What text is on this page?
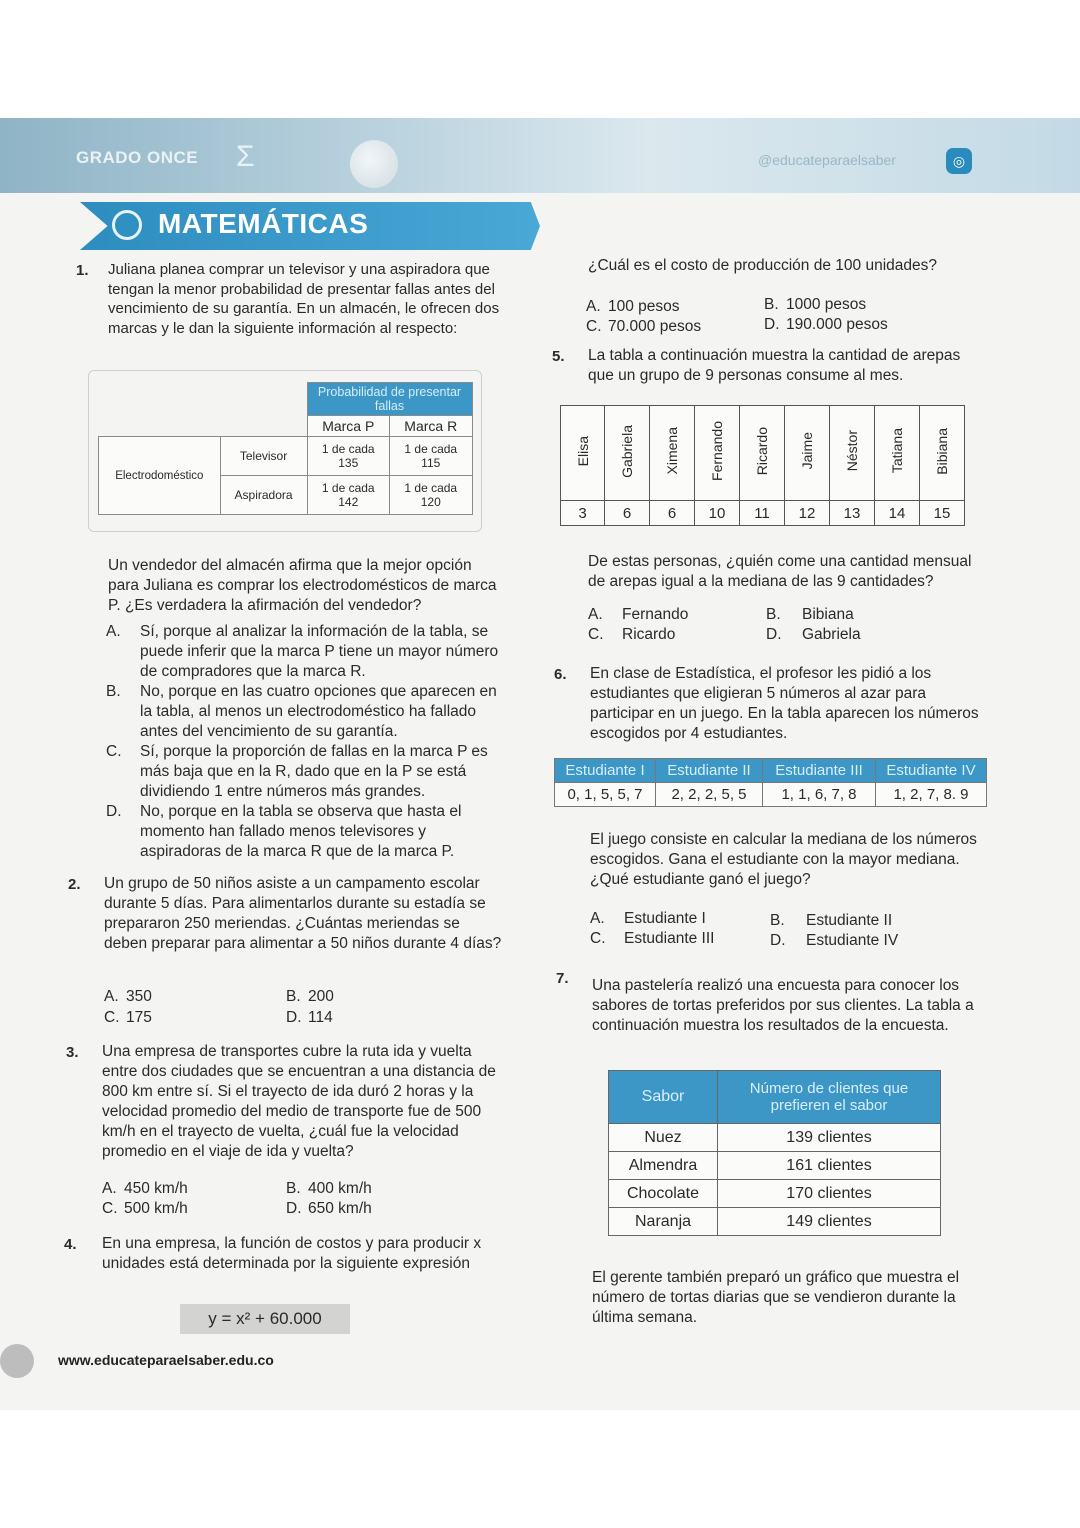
GRADO ONCE Σ	@educateparaelsaber	◎
MATEMÁTICAS
1. Juliana planea comprar un televisor y una aspiradora que tengan la menor probabilidad de presentar fallas antes del vencimiento de su garantía. En un almacén, le ofrecen dos marcas y le dan la siguiente información al respecto:
		Probabilidad de presentar fallas	
		Marca P	Marca R
Electrodoméstico	Televisor	1 de cada 135	1 de cada 115
	Aspiradora	1 de cada 142	1 de cada 120
Un vendedor del almacén afirma que la mejor opción para Juliana es comprar los electrodomésticos de marca P. ¿Es verdadera la afirmación del vendedor?
A.	Sí, porque al analizar la información de la tabla, se puede inferir que la marca P tiene un mayor número de compradores que la marca R.
B.	No, porque en las cuatro opciones que aparecen en la tabla, al menos un electrodoméstico ha fallado antes del vencimiento de su garantía.
C.	Sí, porque la proporción de fallas en la marca P es más baja que en la R, dado que en la P se está dividiendo 1 entre números más grandes.
D.	No, porque en la tabla se observa que hasta el momento han fallado menos televisores y aspiradoras de la marca R que de la marca P.
2. Un grupo de 50 niños asiste a un campamento escolar durante 5 días. Para alimentarlos durante su estadía se prepararon 250 meriendas. ¿Cuántas meriendas se deben preparar para alimentar a 50 niños durante 4 días?
A. 350	B. 200
C. 175	D. 114
3. Una empresa de transportes cubre la ruta ida y vuelta entre dos ciudades que se encuentran a una distancia de 800 km entre sí. Si el trayecto de ida duró 2 horas y la velocidad promedio del medio de transporte fue de 500 km/h en el trayecto de vuelta, ¿cuál fue la velocidad promedio en el viaje de ida y vuelta?
A. 450 km/h	B. 400 km/h
C. 500 km/h	D. 650 km/h
4. En una empresa, la función de costos y para producir x unidades está determinada por la siguiente expresión
y = x² + 60.000
www.educateparaelsaber.edu.co
¿Cuál es el costo de producción de 100 unidades?
A. 100 pesos	B. 1000 pesos
C. 70.000 pesos	D. 190.000 pesos
5. La tabla a continuación muestra la cantidad de arepas que un grupo de 9 personas consume al mes.
Elisa	Gabriela	Ximena	Fernando	Ricardo	Jaime	Néstor	Tatiana	Bibiana
3	6	6	10	11	12	13	14	15
De estas personas, ¿quién come una cantidad mensual de arepas igual a la mediana de las 9 cantidades?
A. Fernando	B. Bibiana
C. Ricardo	D. Gabriela
6. En clase de Estadística, el profesor les pidió a los estudiantes que eligieran 5 números al azar para participar en un juego. En la tabla aparecen los números escogidos por 4 estudiantes.
Estudiante I	Estudiante II	Estudiante III	Estudiante IV
0, 1, 5, 5, 7	2, 2, 2, 5, 5	1, 1, 6, 7, 8	1, 2, 7, 8. 9
El juego consiste en calcular la mediana de los números escogidos. Gana el estudiante con la mayor mediana. ¿Qué estudiante ganó el juego?
A. Estudiante I	B. Estudiante II
C. Estudiante III	D. Estudiante IV
7. Una pastelería realizó una encuesta para conocer los sabores de tortas preferidos por sus clientes. La tabla a continuación muestra los resultados de la encuesta.
Sabor	Número de clientes que prefieren el sabor
Nuez	139 clientes
Almendra	161 clientes
Chocolate	170 clientes
Naranja	149 clientes
El gerente también preparó un gráfico que muestra el número de tortas diarias que se vendieron durante la última semana.
